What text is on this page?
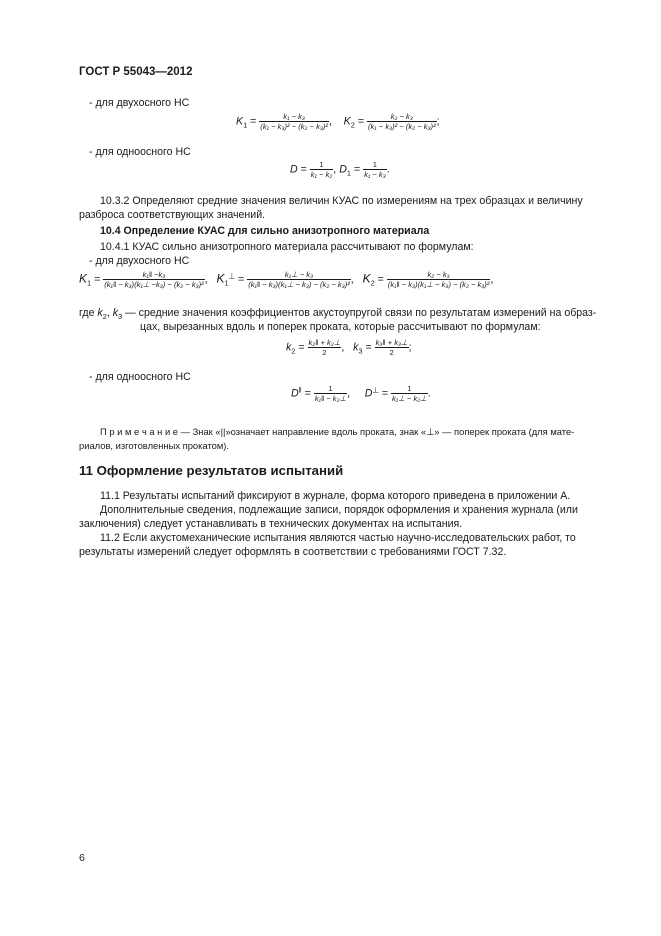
ГОСТ Р 55043—2012
- для двухосного НС
$K_1 = \frac{\text{k₁ − k₃}}{\text{(k₁ − k₃)² − (k₂ − k₃)²}}$ , $K_2 = \frac{\text{k₂ − k₃}}{\text{(k₁ − k₃)² − (k₂ − k₃)²}}$ ;
- для одноосного НС
$D = \frac{1}{\text{k₁ − k₂}}$ , $D_1 = \frac{1}{\text{k₁ − k₃}}$ .
10.3.2 Определяют средние значения величин КУАС по измерениям на трех образцах и величину
разброса соответствующих значений.
10.4 Определение КУАС для сильно анизотропного материала
10.4.1 КУАС сильно анизотропного материала рассчитывают по формулам:
- для двухосного НС
$K_1 = \frac{\text{k₁‖ −k₃}}{\text{(k₁‖ − k₃)(k₁⊥ −k₃) − (k₂ − k₃)²}}$ , $K_1^\perp = \frac{\text{k₁⊥ − k₃}}{\text{(k₁‖ − k₃)(k₁⊥ − k₃) − (k₂ − k₃)²}}$ , $K_2 = \frac{\text{k₂ − k₃}}{\text{(k₁‖ − k₃)(k₁⊥ − k₃) − (k₂ − k₃)²}}$ ,
где $k_2$, $k_3$ — средние значения коэффициентов акустоупругой связи по результатам измерений на образ-
цах, вырезанных вдоль и поперек проката, которые рассчитывают по формулам:
$k_2 = \frac{\text{k₂‖ + k₂⊥}}{2}$ , $k_3 = \frac{\text{k₃‖ + k₃⊥}}{2}$ ;
- для одноосного НС
$D^‖ = \frac{1}{\text{k₁‖ − k₂⊥}}$ , $D^\perp = \frac{1}{\text{k₁⊥ − k₂⊥}}$ .
П р и м е ч а н и е — Знак «||»означает направление вдоль проката, знак «⊥» — поперек проката (для мате-
риалов, изготовленных прокатом).
11 Оформление результатов испытаний
11.1 Результаты испытаний фиксируют в журнале, форма которого приведена в приложении А.
Дополнительные сведения, подлежащие записи, порядок оформления и хранения журнала (или
заключения) следует устанавливать в технических документах на испытания.
11.2 Если акустомеханические испытания являются частью научно-исследовательских работ, то
результаты измерений следует оформлять в соответствии с требованиями ГОСТ 7.32.
6
